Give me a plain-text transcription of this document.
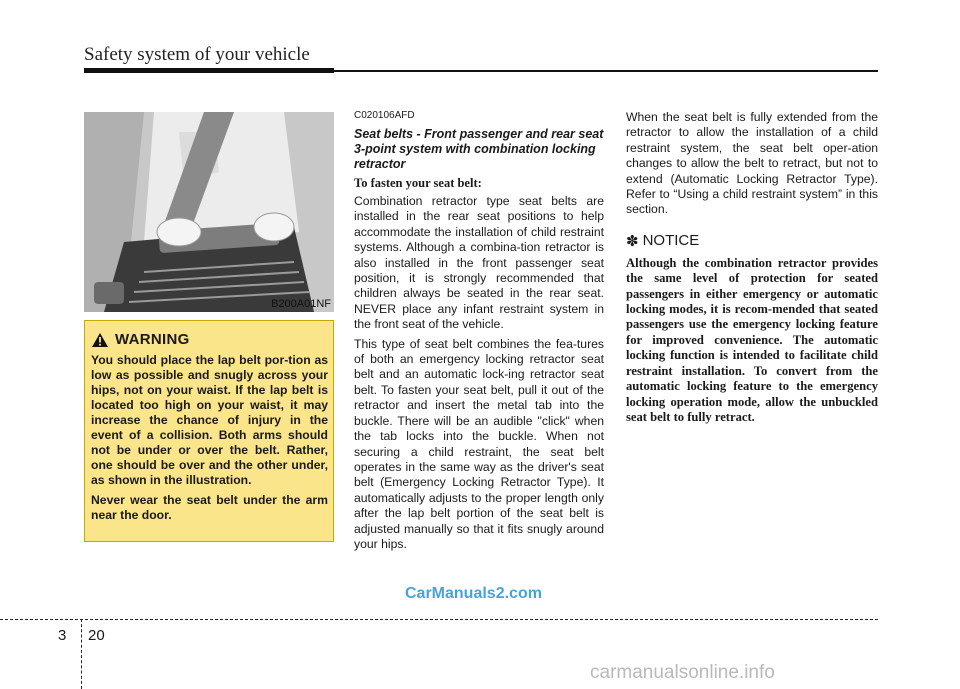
Safety system of your vehicle
B200A01NF
WARNING

You should place the lap belt por-tion as low as possible and snugly across your hips, not on your waist. If the lap belt is located too high on your waist, it may increase the chance of injury in the event of a collision. Both arms should not be under or over the belt. Rather, one should be over and the other under, as shown in the illustration.

Never wear the seat belt under the arm near the door.

C020106AFD
Seat belts - Front passenger and rear seat 3-point system with combination locking retractor
To fasten your seat belt:

Combination retractor type seat belts are installed in the rear seat positions to help accommodate the installation of child restraint systems. Although a combina-tion retractor is also installed in the front passenger seat position, it is strongly recommended that children always be seated in the rear seat. NEVER place any infant restraint system in the front seat of the vehicle.

This type of seat belt combines the fea-tures of both an emergency locking retractor seat belt and an automatic lock-ing retractor seat belt. To fasten your seat belt, pull it out of the retractor and insert the metal tab into the buckle. There will be an audible "click" when the tab locks into the buckle. When not securing a child restraint, the seat belt operates in the same way as the driver's seat belt (Emergency Locking Retractor Type). It automatically adjusts to the proper length only after the lap belt portion of the seat belt is adjusted manually so that it fits snugly around your hips.

When the seat belt is fully extended from the retractor to allow the installation of a child restraint system, the seat belt oper-ation changes to allow the belt to retract, but not to extend (Automatic Locking Retractor Type). Refer to “Using a child restraint system” in this section.

✽ NOTICE

Although the combination retractor provides the same level of protection for seated passengers in either emergency or automatic locking modes, it is recom-mended that seated passengers use the emergency locking feature for improved convenience. The automatic locking function is intended to facilitate child restraint installation. To convert from the automatic locking feature to the emergency locking operation mode, allow the unbuckled seat belt to fully retract.

CarManuals2.com
3 20
carmanualsonline.info
